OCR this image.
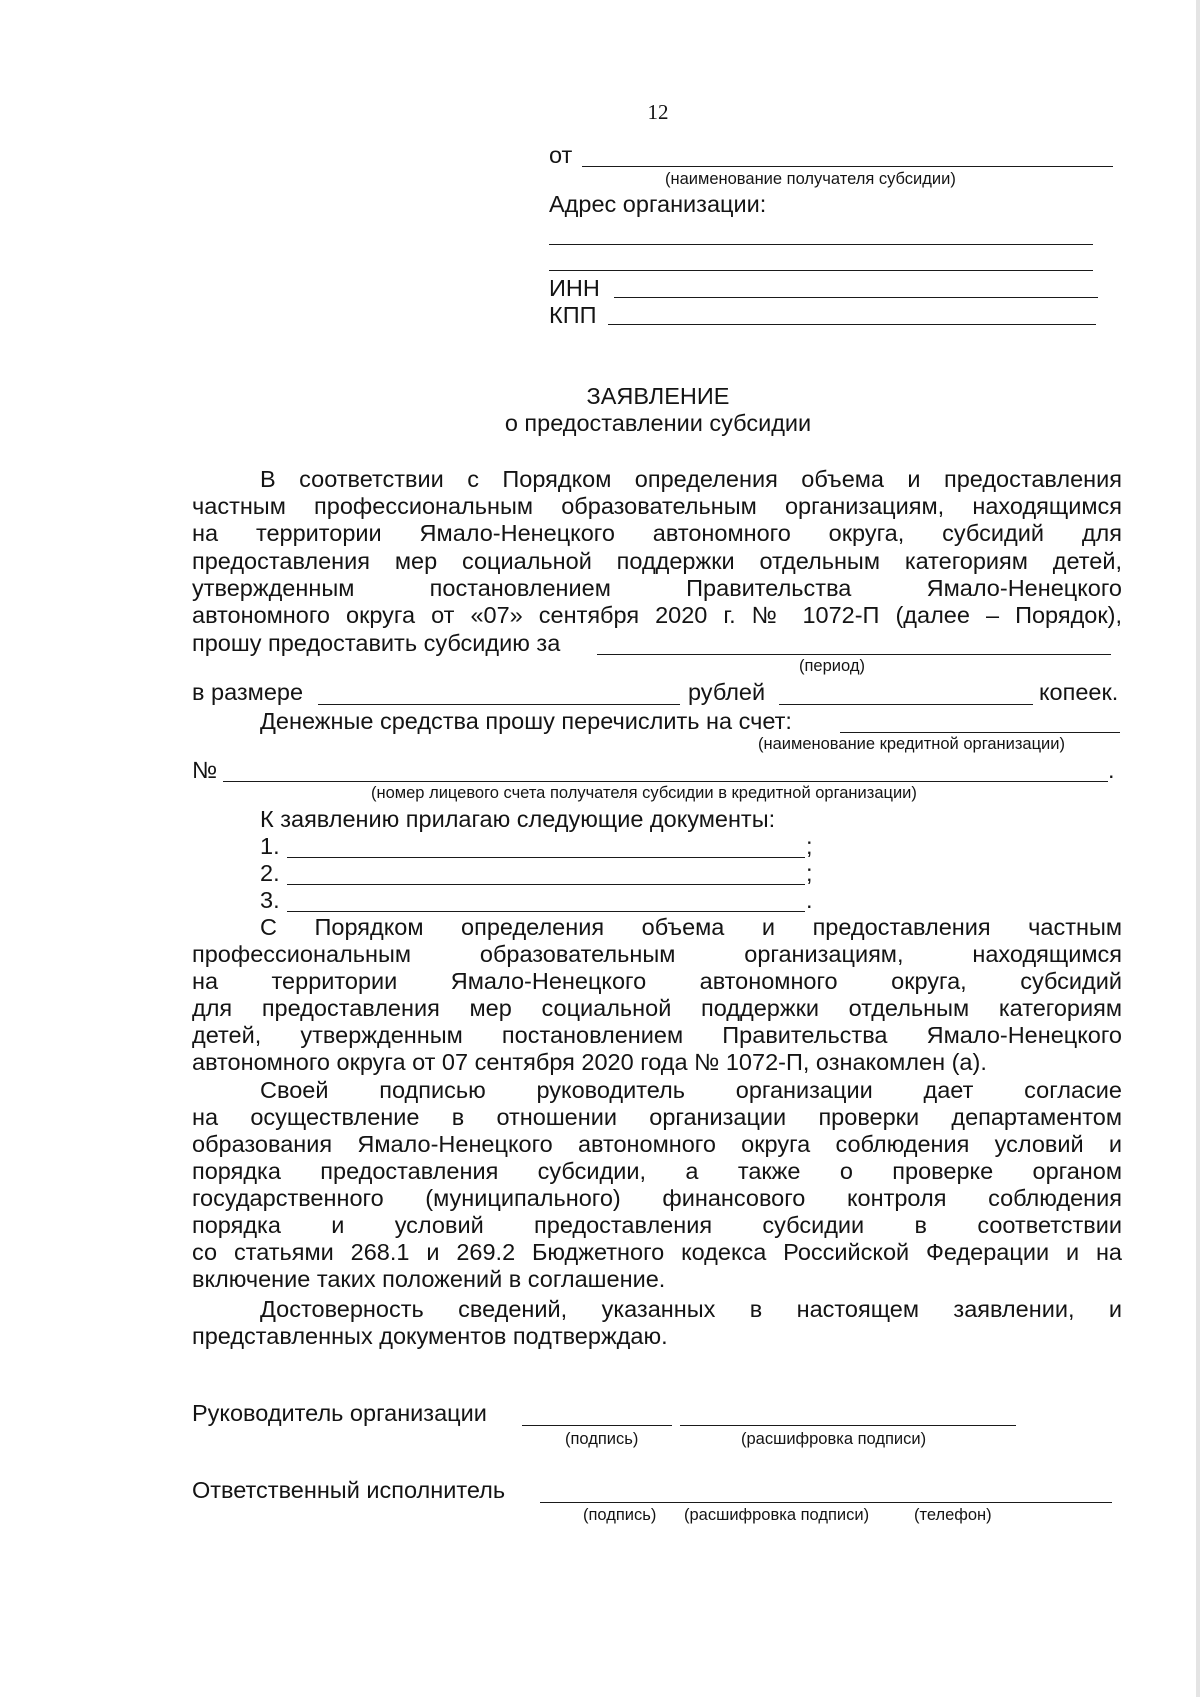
12
от
(наименование получателя субсидии)
Адрес организации:
ИНН
КПП
ЗАЯВЛЕНИЕ
о предоставлении субсидии
В соответствии с Порядком определения объема и предоставления
частным профессиональным образовательным организациям, находящимся
на территории Ямало-Ненецкого автономного округа, субсидий для
предоставления мер социальной поддержки отдельным категориям детей,
утвержденным постановлением Правительства Ямало-Ненецкого
автономного округа от «07» сентября 2020 г. № 1072-П (далее – Порядок),
прошу предоставить субсидию за
(период)
в размере	рублей	копеек.
Денежные средства прошу перечислить на счет:
(наименование кредитной организации)
№	.
(номер лицевого счета получателя субсидии в кредитной организации)
К заявлению прилагаю следующие документы:
1.	;
2.	;
3.	.
С Порядком определения объема и предоставления частным
профессиональным образовательным организациям, находящимся
на территории Ямало-Ненецкого автономного округа, субсидий
для предоставления мер социальной поддержки отдельным категориям
детей, утвержденным постановлением Правительства Ямало-Ненецкого
автономного округа от 07 сентября 2020 года № 1072-П, ознакомлен (а).
Своей подписью руководитель организации дает согласие
на осуществление в отношении организации проверки департаментом
образования Ямало-Ненецкого автономного округа соблюдения условий и
порядка предоставления субсидии, а также о проверке органом
государственного (муниципального) финансового контроля соблюдения
порядка и условий предоставления субсидии в соответствии
со статьями 268.1 и 269.2 Бюджетного кодекса Российской Федерации и на
включение таких положений в соглашение.
Достоверность сведений, указанных в настоящем заявлении, и
представленных документов подтверждаю.
Руководитель организации
(подпись)	(расшифровка подписи)
Ответственный исполнитель
(подпись) (расшифровка подписи)	(телефон)
